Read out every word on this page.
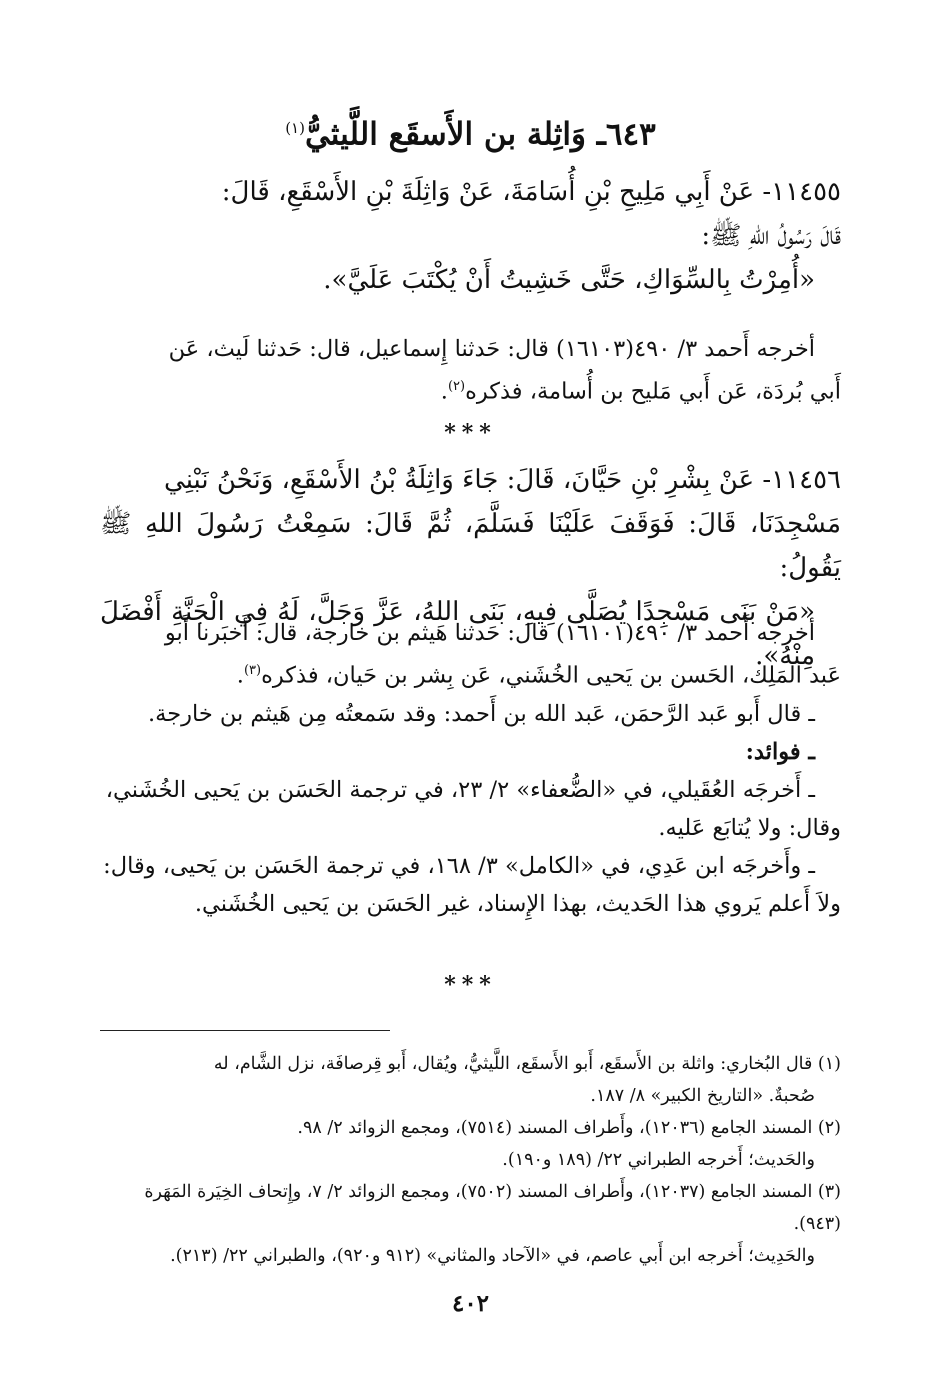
٦٤٣ـ وَاثِلة بن الأَسقَع اللَّيثيُّ$^{(١)}$

١١٤٥٥- عَنْ أَبِي مَلِيحِ بْنِ أُسَامَةَ، عَنْ وَاثِلَةَ بْنِ الأَسْقَعِ، قَالَ:

قَالَ رَسُولُ اللهِ ﷺ:

«أُمِرْتُ بِالسِّوَاكِ، حَتَّى خَشِيتُ أَنْ يُكْتَبَ عَلَيَّ».

أخرجه أَحمد ٣/ ٤٩٠(١٦١٠٣) قال: حَدثنا إِسماعيل، قال: حَدثنا لَيث، عَن

أَبي بُردَة، عَن أَبي مَليح بن أُسامة، فذكره$^{(٢)}$.

***

١١٤٥٦- عَنْ بِشْرِ بْنِ حَيَّانَ، قَالَ: جَاءَ وَاثِلَةُ بْنُ الأَسْقَعِ، وَنَحْنُ نَبْنِي

مَسْجِدَنَا، قَالَ: فَوَقَفَ عَلَيْنَا فَسَلَّمَ، ثُمَّ قَالَ: سَمِعْتُ رَسُولَ اللهِ ﷺ يَقُولُ:

«مَنْ بَنَى مَسْجِدًا يُصَلَّى فِيهِ، بَنَى اللهُ، عَزَّ وَجَلَّ، لَهُ فِي الْجَنَّةِ أَفْضَلَ مِنْهُ».

أخرجه أَحمد ٣/ ٤٩٠(١٦١٠١) قال: حَدثنا هَيثم بن خارجة، قال: أَخبَرنا أَبو

عَبد المَلِك، الحَسن بن يَحيى الخُشَني، عَن بِشر بن حَيان، فذكره$^{(٣)}$.

ـ قال أَبو عَبد الرَّحمَن، عَبد الله بن أَحمد: وقد سَمعتُه مِن هَيثم بن خارجة.

ـ فوائد:

ـ أَخرجَه العُقَيلي، في «الضُّعفاء» ٢/ ٢٣، في ترجمة الحَسَن بن يَحيى الخُشَني،

وقال: ولا يُتابَع عَليه.

ـ وأَخرجَه ابن عَدِي، في «الكامل» ٣/ ١٦٨، في ترجمة الحَسَن بن يَحيى، وقال:

ولاَ أَعلم يَروي هذا الحَديث، بهذا الإِسناد، غير الحَسَن بن يَحيى الخُشَني.

***
(١) قال البُخاري: واثلة بن الأَسقَع، أَبو الأَسقَع، اللَّيثيُّ، ويُقال، أَبو قِرصافَة، نزل الشَّام، له
صُحبةٌ. «التاريخ الكبير» ٨/ ١٨٧.
(٢) المسند الجامع (١٢٠٣٦)، وأَطراف المسند (٧٥١٤)، ومجمع الزوائد ٢/ ٩٨.
والحَديث؛ أَخرجه الطبراني ٢٢/ (١٨٩ و١٩٠).
(٣) المسند الجامع (١٢٠٣٧)، وأَطراف المسند (٧٥٠٢)، ومجمع الزوائد ٢/ ٧، وإِتحاف الخِيَرة المَهَرة (٩٤٣).
والحَدِيث؛ أَخرجه ابن أَبي عاصم، في «الآحاد والمثاني» (٩١٢ و٩٢٠)، والطبراني ٢٢/ (٢١٣).
٤٠٢
